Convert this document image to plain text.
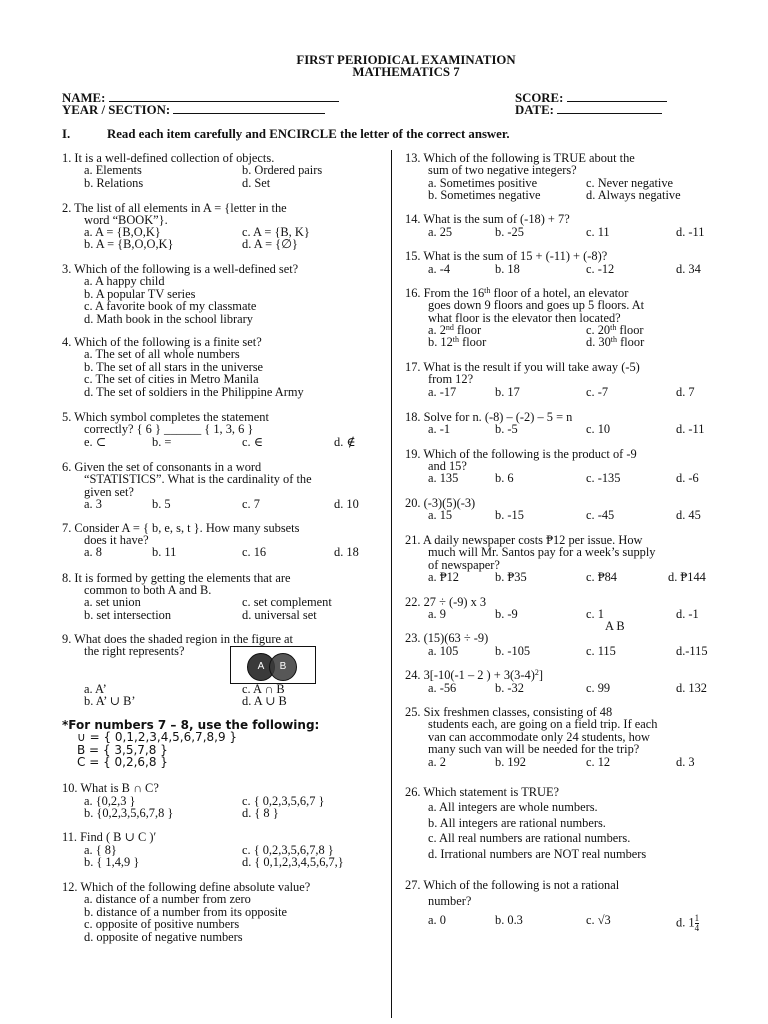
FIRST PERIODICAL EXAMINATION
MATHEMATICS 7
NAME:
YEAR / SECTION:
SCORE:
DATE:
I.	Read each item carefully and ENCIRCLE the letter of the correct answer.
1. It is a well-defined collection of objects.
a. Elements
b. Relations
b. Ordered pairs
d. Set
2. The list of all elements in A = {letter in the
word “BOOK”}.
a. A = {B,O,K}
b. A = {B,O,O,K}
c. A = {B, K}
d. A = {∅}
3. Which of the following is a well-defined set?
a. A happy child
b. A popular TV series
c. A favorite book of my classmate
d. Math book in the school library
4. Which of the following is a finite set?
a. The set of all whole numbers
b. The set of all stars in the universe
c. The set of cities in Metro Manila
d. The set of soldiers in the Philippine Army
5. Which symbol completes the statement
correctly? { 6 } ______ { 1, 3, 6 }
e. ⊂	b. =	c. ∈	d. ∉
6. Given the set of consonants in a word
“STATISTICS”. What is the cardinality of the
given set?
a. 3	b. 5	c. 7	d. 10
7. Consider A = { b, e, s, t }. How many subsets
does it have?
a. 8	b. 11	c. 16	d. 18
8. It is formed by getting the elements that are
common to both A and B.
a. set union
b. set intersection
c. set complement
d. universal set
9. What does the shaded region in the figure at
the right represents?
A	B
a. A’
b. A’ ∪ B’
c. A ∩ B
d. A ∪ B
*For numbers 7 – 8, use the following:
∪ = { 0,1,2,3,4,5,6,7,8,9 }
B = { 3,5,7,8 }
C = { 0,2,6,8 }
10. What is B ∩ C?
a. {0,2,3 }
b. {0,2,3,5,6,7,8 }
c. { 0,2,3,5,6,7 }
d. { 8 }
11. Find ( B ∪ C )′
a. { 8}
b. { 1,4,9 }
c. { 0,2,3,5,6,7,8 }
d. { 0,1,2,3,4,5,6,7,}
12. Which of the following define absolute value?
a. distance of a number from zero
b. distance of a number from its opposite
c. opposite of positive numbers
d. opposite of negative numbers
13. Which of the following is TRUE about the
sum of two negative integers?
a. Sometimes positive
b. Sometimes negative
c. Never negative
d. Always negative
14. What is the sum of (-18) + 7?
a. 25	b. -25	c. 11	d. -11
15. What is the sum of 15 + (-11) + (-8)?
a. -4	b. 18	c. -12	d. 34
16. From the 16th floor of a hotel, an elevator
goes down 9 floors and goes up 5 floors. At
what floor is the elevator then located?
a. 2nd floor
b. 12th floor
c. 20th floor
d. 30th floor
17. What is the result if you will take away (-5)
from 12?
a. -17	b. 17	c. -7	d. 7
18. Solve for n. (-8) – (-2) – 5 = n
a. -1	b. -5	c. 10	d. -11
19. Which of the following is the product of -9
and 15?
a. 135	b. 6	c. -135	d. -6
20. (-3)(5)(-3)
a. 15	b. -15	c. -45	d. 45
21. A daily newspaper costs ₱12 per issue. How
much will Mr. Santos pay for a week’s supply
of newspaper?
a. ₱12	b. ₱35	c. ₱84	d. ₱144
22. 27 ÷ (-9) x 3
a. 9	b. -9	c. 1	d. -1
A B
23. (15)(63 ÷ -9)
a. 105	b. -105	c. 115	d.-115
24. 3[-10(-1 – 2 ) + $3(3-4)^2$]
a. -56	b. -32	c. 99	d. 132
25. Six freshmen classes, consisting of 48
students each, are going on a field trip. If each
van can accommodate only 24 students, how
many such van will be needed for the trip?
a. 2	b. 192	c. 12	d. 3
26. Which statement is TRUE?
a. All integers are whole numbers.
b. All integers are rational numbers.
c. All real numbers are rational numbers.
d. Irrational numbers are NOT real numbers
27. Which of the following is not a rational
number?
a. 0	b. 0.3	c. √3	d. $1 \frac{1}{4}$
